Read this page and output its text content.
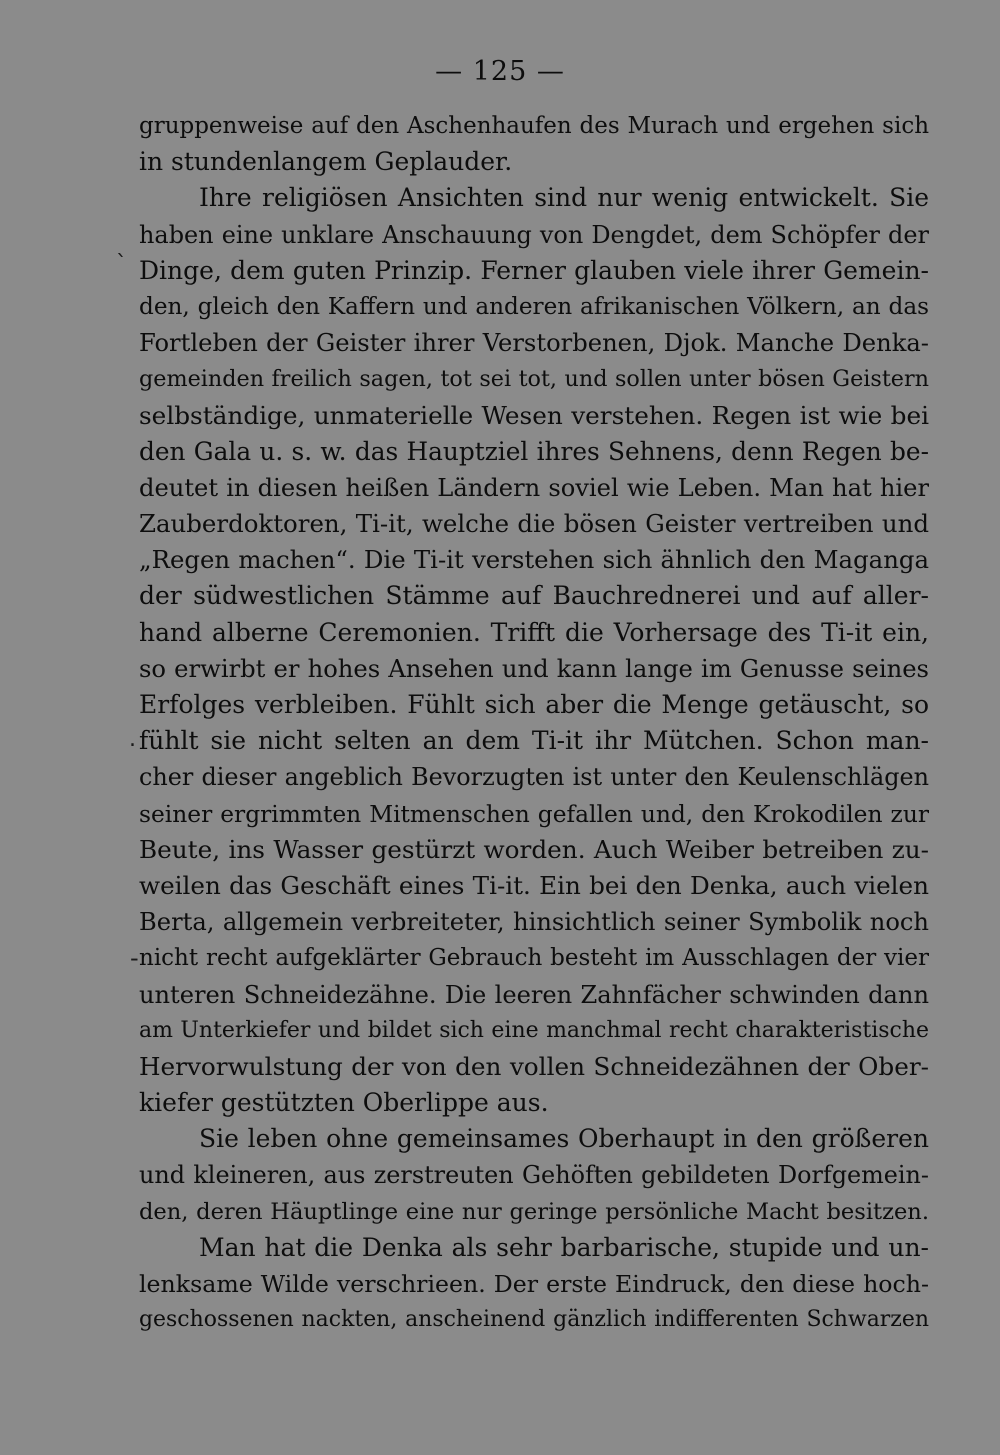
— 125 —
ˋ
.
-
gruppenweise auf den Aschenhaufen des Murach und ergehen sich
in stundenlangem Geplauder.
Ihre religiösen Ansichten sind nur wenig entwickelt. Sie
haben eine unklare Anschauung von Dengdet, dem Schöpfer der
Dinge, dem guten Prinzip. Ferner glauben viele ihrer Gemein-
den, gleich den Kaffern und anderen afrikanischen Völkern, an das
Fortleben der Geister ihrer Verstorbenen, Djok. Manche Denka-
gemeinden freilich sagen, tot sei tot, und sollen unter bösen Geistern
selbständige, unmaterielle Wesen verstehen. Regen ist wie bei
den Gala u. s. w. das Hauptziel ihres Sehnens, denn Regen be-
deutet in diesen heißen Ländern soviel wie Leben. Man hat hier
Zauberdoktoren, Ti-it, welche die bösen Geister vertreiben und
„Regen machen“. Die Ti-it verstehen sich ähnlich den Maganga
der südwestlichen Stämme auf Bauchrednerei und auf aller-
hand alberne Ceremonien. Trifft die Vorhersage des Ti-it ein,
so erwirbt er hohes Ansehen und kann lange im Genusse seines
Erfolges verbleiben. Fühlt sich aber die Menge getäuscht, so
fühlt sie nicht selten an dem Ti-it ihr Mütchen. Schon man-
cher dieser angeblich Bevorzugten ist unter den Keulenschlägen
seiner ergrimmten Mitmenschen gefallen und, den Krokodilen zur
Beute, ins Wasser gestürzt worden. Auch Weiber betreiben zu-
weilen das Geschäft eines Ti-it. Ein bei den Denka, auch vielen
Berta, allgemein verbreiteter, hinsichtlich seiner Symbolik noch
nicht recht aufgeklärter Gebrauch besteht im Ausschlagen der vier
unteren Schneidezähne. Die leeren Zahnfächer schwinden dann
am Unterkiefer und bildet sich eine manchmal recht charakteristische
Hervorwulstung der von den vollen Schneidezähnen der Ober-
kiefer gestützten Oberlippe aus.
Sie leben ohne gemeinsames Oberhaupt in den größeren
und kleineren, aus zerstreuten Gehöften gebildeten Dorfgemein-
den, deren Häuptlinge eine nur geringe persönliche Macht besitzen.
Man hat die Denka als sehr barbarische, stupide und un-
lenksame Wilde verschrieen. Der erste Eindruck, den diese hoch-
geschossenen nackten, anscheinend gänzlich indifferenten Schwarzen
